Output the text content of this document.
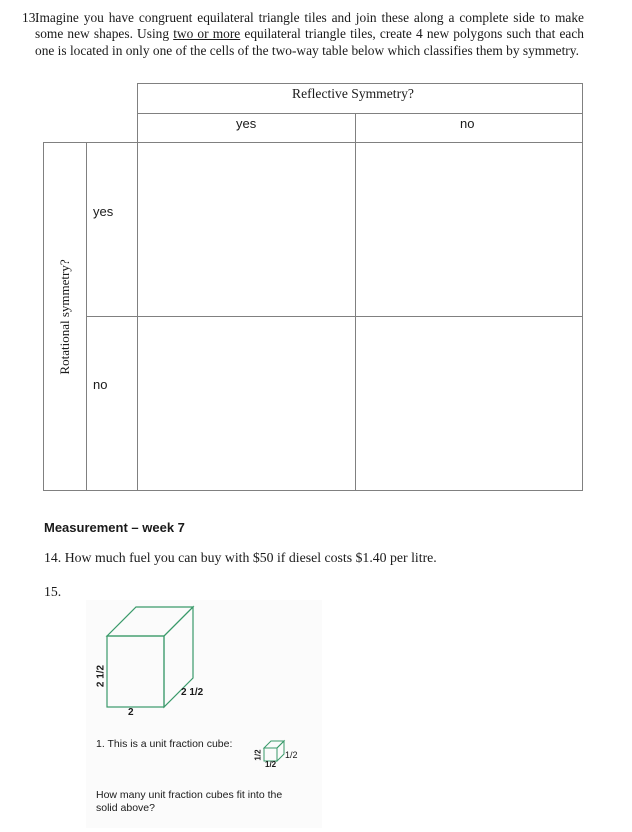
13.
Imagine you have congruent equilateral triangle tiles and join these along a complete side to make some new shapes. Using two or more equilateral triangle tiles, create 4 new polygons such that each one is located in only one of the cells of the two-way table below which classifies them by symmetry.
Reflective Symmetry?
yes	no
yes
no
Rotational symmetry?
Measurement – week 7
14. How much fuel you can buy with $50 if diesel costs $1.40 per litre.
15.
2 1/2
2 1/2
2
1. This is a unit fraction cube:
1/2
1/2
1/2
How many unit fraction cubes fit into the
solid above?
